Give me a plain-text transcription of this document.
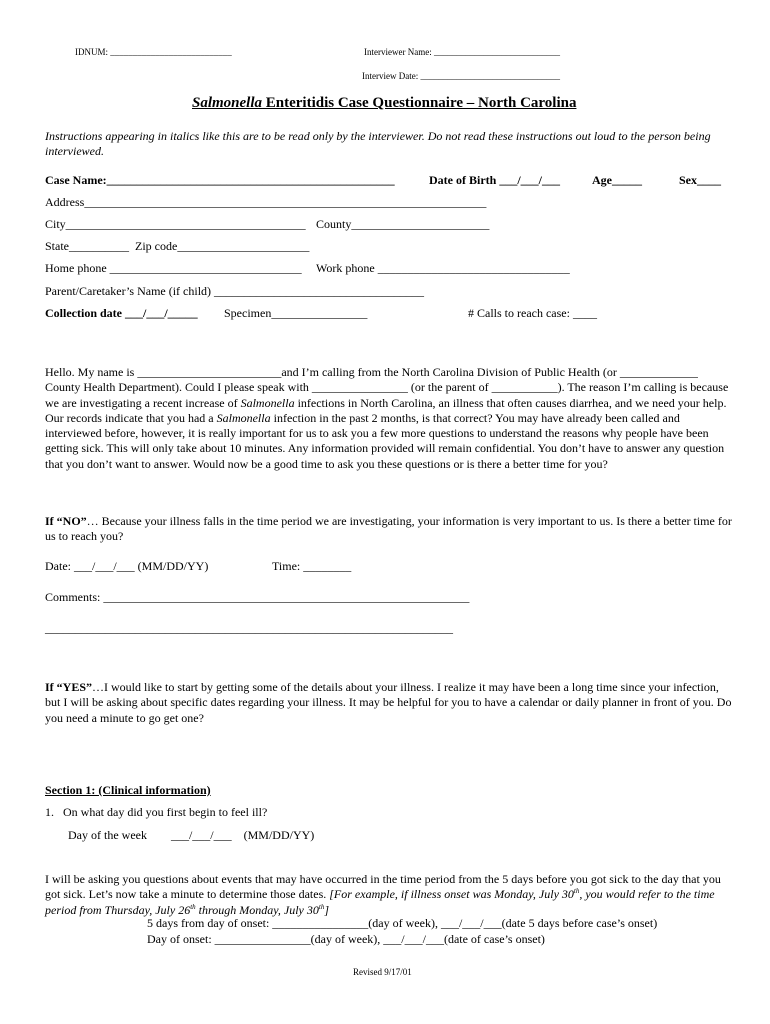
IDNUM: ___________________________	Interviewer Name: ____________________________
Interview Date: _______________________________
Salmonella Enteritidis Case Questionnaire – North Carolina
Instructions appearing in italics like this are to be read only by the interviewer. Do not read these instructions out loud to the person being interviewed.
Case Name:________________________________________________	Date of Birth ___/___/___	Age_____	Sex____
Address___________________________________________________________________
City________________________________________ County_______________________
State__________ Zip code______________________
Home phone ________________________________ Work phone ________________________________
Parent/Caretaker’s Name (if child) ___________________________________
Collection date ___/___/_____ Specimen________________	# Calls to reach case: ____
Hello. My name is ________________________and I’m calling from the North Carolina Division of Public Health (or _____________ County Health Department). Could I please speak with ________________ (or the parent of ___________). The reason I’m calling is because we are investigating a recent increase of Salmonella infections in North Carolina, an illness that often causes diarrhea, and we need your help. Our records indicate that you had a Salmonella infection in the past 2 months, is that correct? You may have already been called and interviewed before, however, it is really important for us to ask you a few more questions to understand the reasons why people have been getting sick. This will only take about 10 minutes. Any information provided will remain confidential. You don’t have to answer any question that you don’t want to answer. Would now be a good time to ask you these questions or is there a better time for you?
If “NO”… Because your illness falls in the time period we are investigating, your information is very important to us. Is there a better time for us to reach you?
Date: ___/___/___ (MM/DD/YY)	Time: ________
Comments: _____________________________________________________________
____________________________________________________________________
If “YES”…I would like to start by getting some of the details about your illness. I realize it may have been a long time since your infection, but I will be asking about specific dates regarding your illness. It may be helpful for you to have a calendar or daily planner in front of you. Do you need a minute to go get one?
Section 1: (Clinical information)
1.   On what day did you first begin to feel ill?
Day of the week        ___/___/___    (MM/DD/YY)
I will be asking you questions about events that may have occurred in the time period from the 5 days before you got sick to the day that you got sick. Let’s now take a minute to determine those dates. [For example, if illness onset was Monday, July 30th, you would refer to the time period from Thursday, July 26th through Monday, July 30th]
5 days from day of onset: ________________(day of week), ___/___/___(date 5 days before case’s onset)
Day of onset: ________________(day of week), ___/___/___(date of case’s onset)
Revised 9/17/01
